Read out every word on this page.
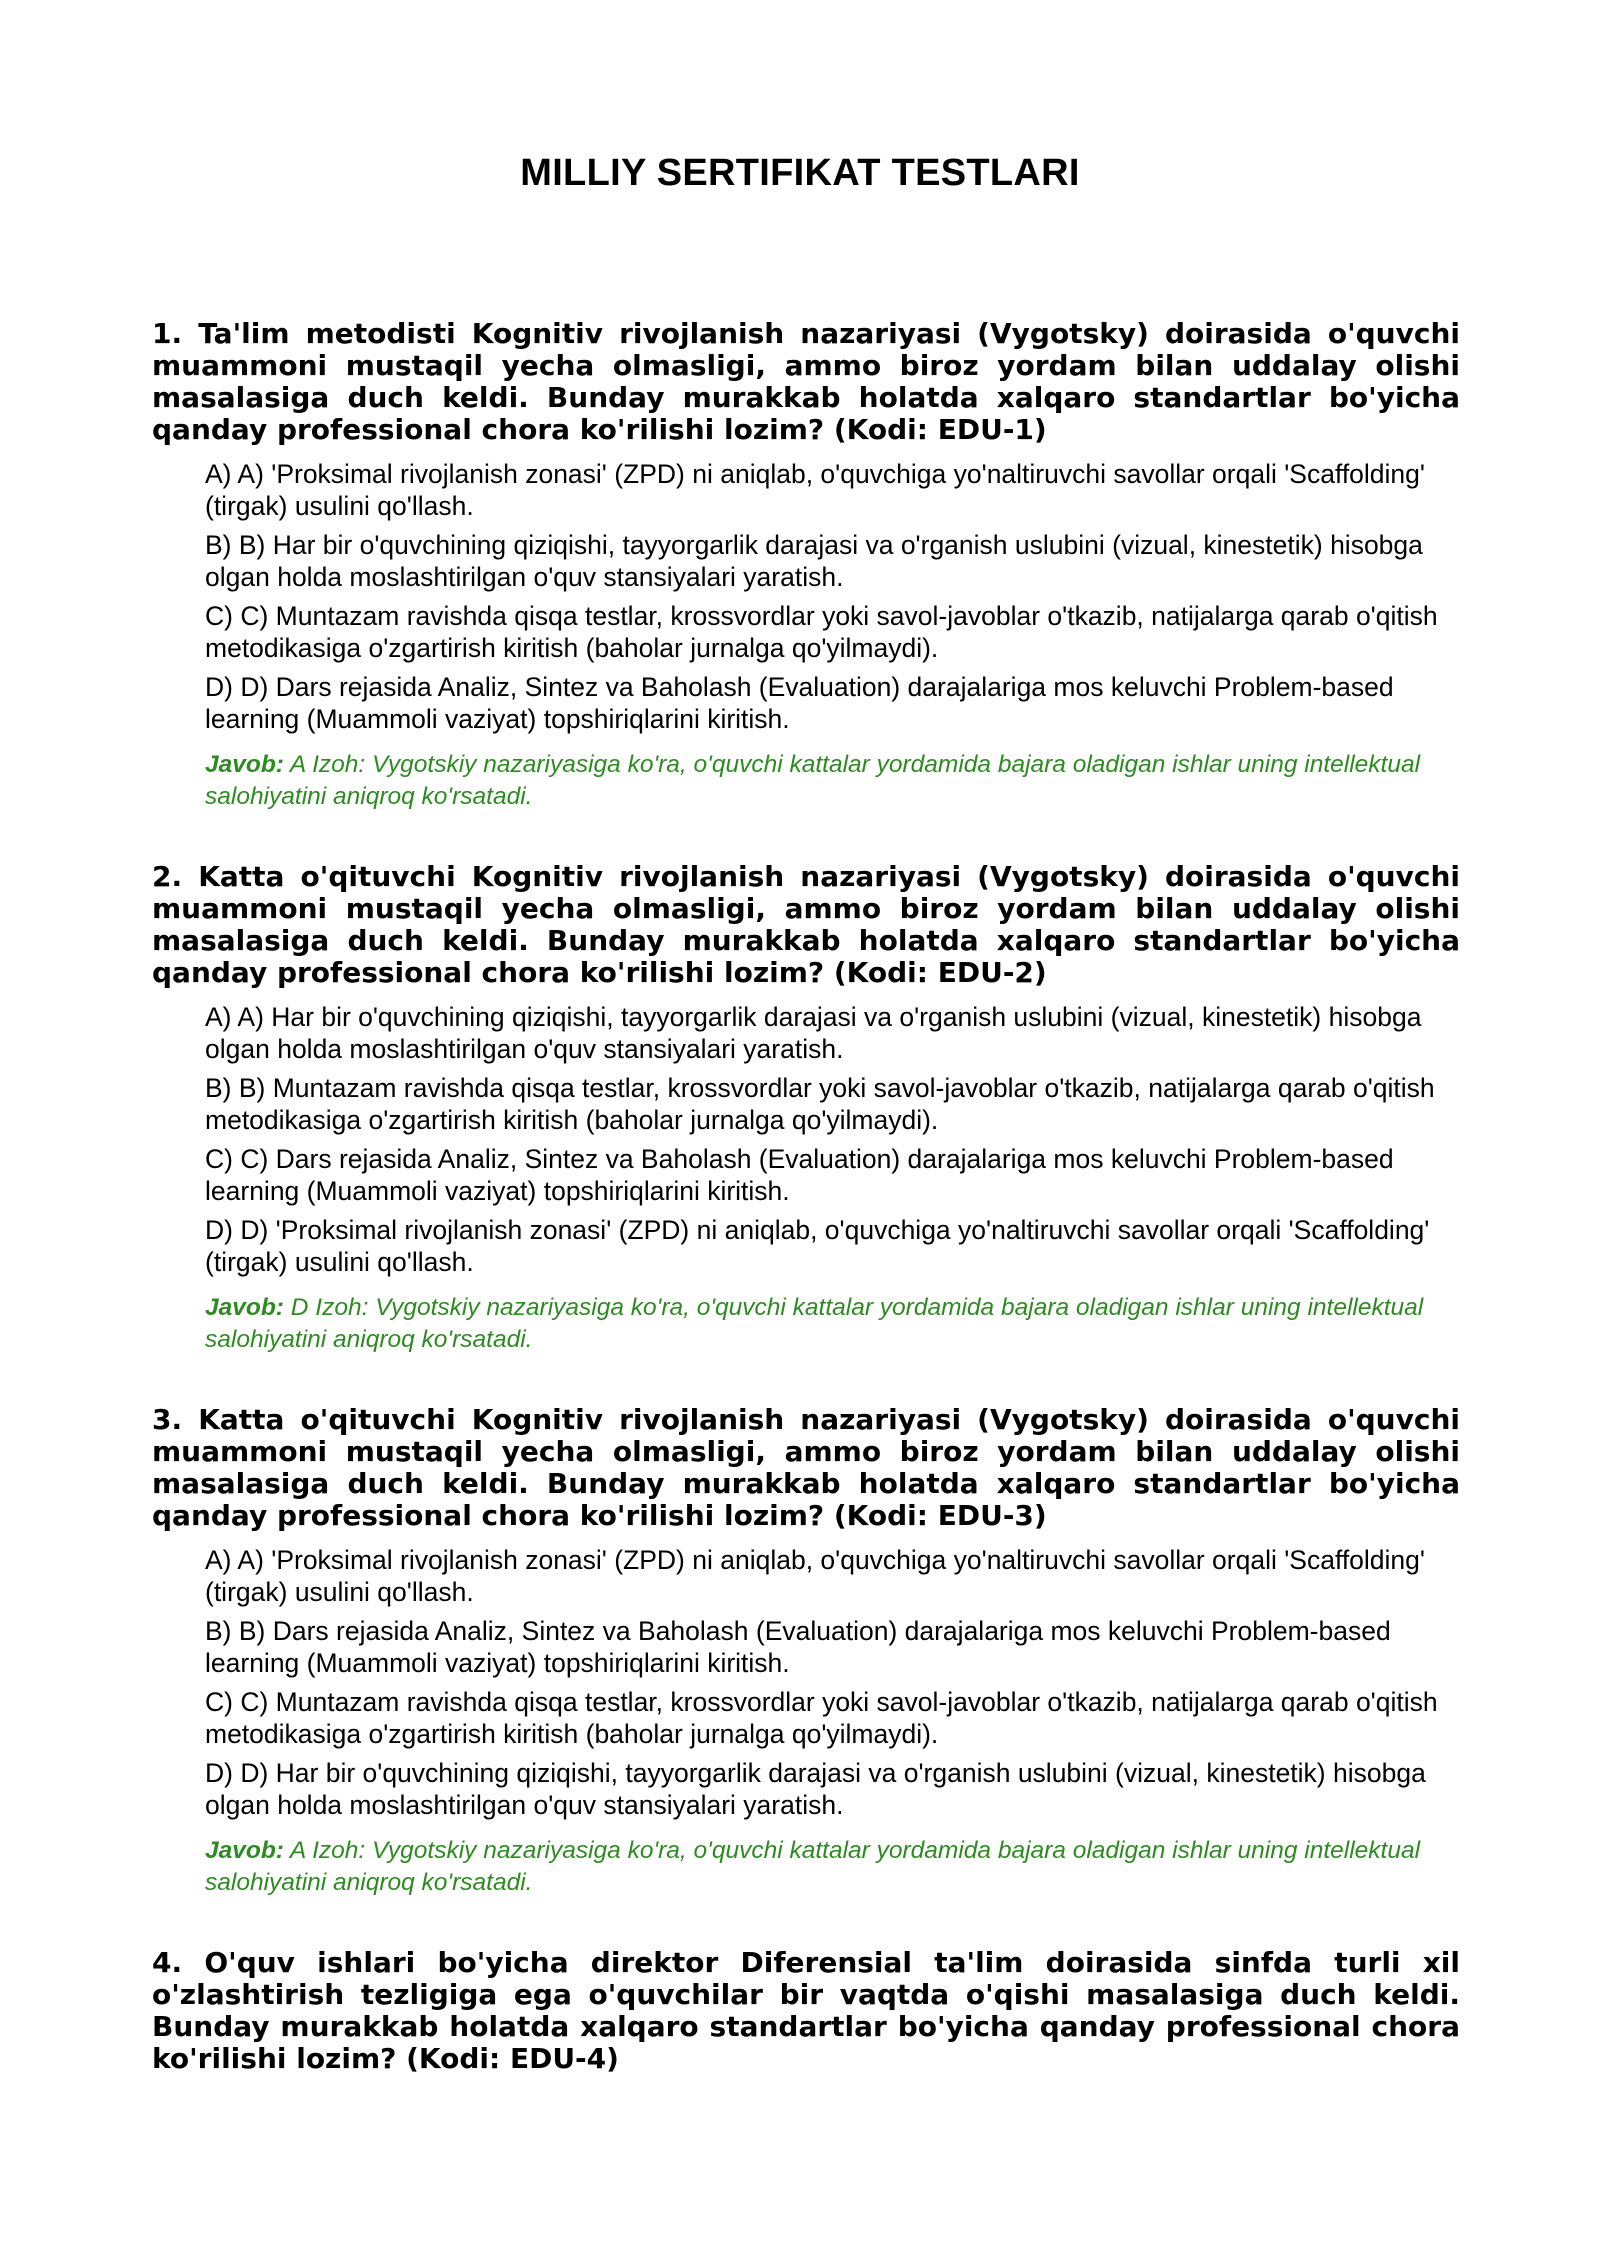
MILLIY SERTIFIKAT TESTLARI

1. Ta'lim metodisti Kognitiv rivojlanish nazariyasi (Vygotsky) doirasida o'quvchi muammoni mustaqil yecha olmasligi, ammo biroz yordam bilan uddalay olishi masalasiga duch keldi. Bunday murakkab holatda xalqaro standartlar bo'yicha qanday professional chora ko'rilishi lozim? (Kodi: EDU-1)

A) A) 'Proksimal rivojlanish zonasi' (ZPD) ni aniqlab, o'quvchiga yo'naltiruvchi savollar orqali 'Scaffolding' (tirgak) usulini qo'llash.
B) B) Har bir o'quvchining qiziqishi, tayyorgarlik darajasi va o'rganish uslubini (vizual, kinestetik) hisobga olgan holda moslashtirilgan o'quv stansiyalari yaratish.
C) C) Muntazam ravishda qisqa testlar, krossvordlar yoki savol-javoblar o'tkazib, natijalarga qarab o'qitish metodikasiga o'zgartirish kiritish (baholar jurnalga qo'yilmaydi).
D) D) Dars rejasida Analiz, Sintez va Baholash (Evaluation) darajalariga mos keluvchi Problem-based learning (Muammoli vaziyat) topshiriqlarini kiritish.
Javob: A Izoh: Vygotskiy nazariyasiga ko'ra, o'quvchi kattalar yordamida bajara oladigan ishlar uning intellektual salohiyatini aniqroq ko'rsatadi.

2. Katta o'qituvchi Kognitiv rivojlanish nazariyasi (Vygotsky) doirasida o'quvchi muammoni mustaqil yecha olmasligi, ammo biroz yordam bilan uddalay olishi masalasiga duch keldi. Bunday murakkab holatda xalqaro standartlar bo'yicha qanday professional chora ko'rilishi lozim? (Kodi: EDU-2)

A) A) Har bir o'quvchining qiziqishi, tayyorgarlik darajasi va o'rganish uslubini (vizual, kinestetik) hisobga olgan holda moslashtirilgan o'quv stansiyalari yaratish.
B) B) Muntazam ravishda qisqa testlar, krossvordlar yoki savol-javoblar o'tkazib, natijalarga qarab o'qitish metodikasiga o'zgartirish kiritish (baholar jurnalga qo'yilmaydi).
C) C) Dars rejasida Analiz, Sintez va Baholash (Evaluation) darajalariga mos keluvchi Problem-based learning (Muammoli vaziyat) topshiriqlarini kiritish.
D) D) 'Proksimal rivojlanish zonasi' (ZPD) ni aniqlab, o'quvchiga yo'naltiruvchi savollar orqali 'Scaffolding' (tirgak) usulini qo'llash.
Javob: D Izoh: Vygotskiy nazariyasiga ko'ra, o'quvchi kattalar yordamida bajara oladigan ishlar uning intellektual salohiyatini aniqroq ko'rsatadi.

3. Katta o'qituvchi Kognitiv rivojlanish nazariyasi (Vygotsky) doirasida o'quvchi muammoni mustaqil yecha olmasligi, ammo biroz yordam bilan uddalay olishi masalasiga duch keldi. Bunday murakkab holatda xalqaro standartlar bo'yicha qanday professional chora ko'rilishi lozim? (Kodi: EDU-3)

A) A) 'Proksimal rivojlanish zonasi' (ZPD) ni aniqlab, o'quvchiga yo'naltiruvchi savollar orqali 'Scaffolding' (tirgak) usulini qo'llash.
B) B) Dars rejasida Analiz, Sintez va Baholash (Evaluation) darajalariga mos keluvchi Problem-based learning (Muammoli vaziyat) topshiriqlarini kiritish.
C) C) Muntazam ravishda qisqa testlar, krossvordlar yoki savol-javoblar o'tkazib, natijalarga qarab o'qitish metodikasiga o'zgartirish kiritish (baholar jurnalga qo'yilmaydi).
D) D) Har bir o'quvchining qiziqishi, tayyorgarlik darajasi va o'rganish uslubini (vizual, kinestetik) hisobga olgan holda moslashtirilgan o'quv stansiyalari yaratish.
Javob: A Izoh: Vygotskiy nazariyasiga ko'ra, o'quvchi kattalar yordamida bajara oladigan ishlar uning intellektual salohiyatini aniqroq ko'rsatadi.

4. O'quv ishlari bo'yicha direktor Diferensial ta'lim doirasida sinfda turli xil o'zlashtirish tezligiga ega o'quvchilar bir vaqtda o'qishi masalasiga duch keldi. Bunday murakkab holatda xalqaro standartlar bo'yicha qanday professional chora ko'rilishi lozim? (Kodi: EDU-4)
